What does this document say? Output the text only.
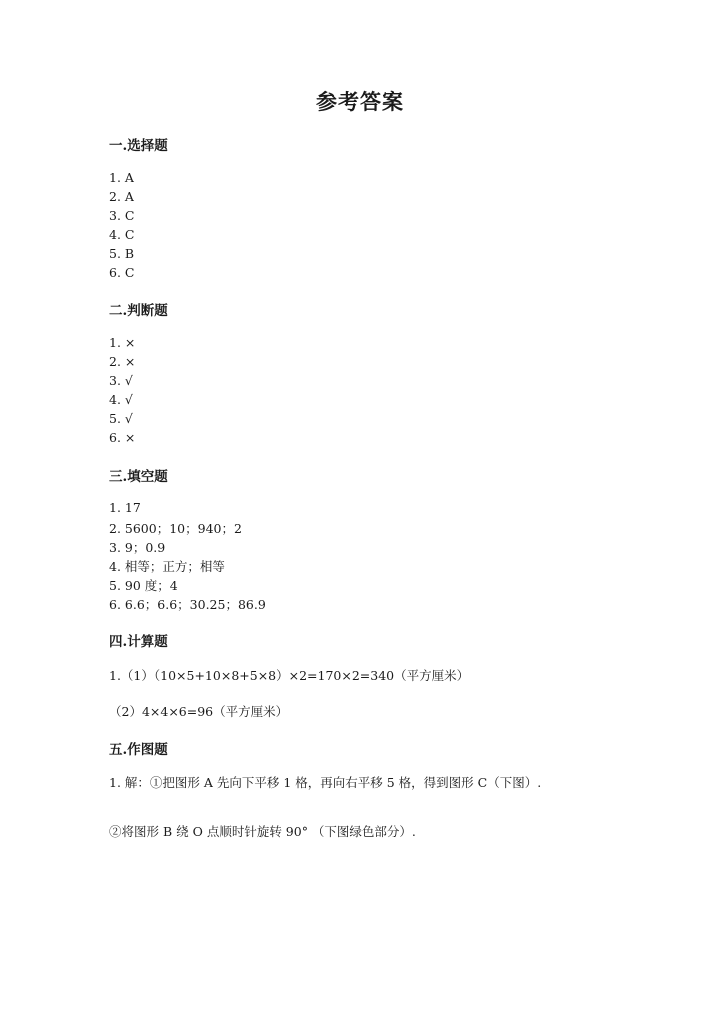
参考答案
一.选择题
1. A
2. A
3. C
4. C
5. B
6. C
二.判断题
1. ×
2. ×
3. √
4. √
5. √
6. ×
三.填空题
1. 17
2. 5600；10；940；2
3. 9；0.9
4. 相等；正方；相等
5. 90 度；4
6. 6.6；6.6；30.25；86.9
四.计算题
1.（1）（10×5+10×8+5×8）×2=170×2=340（平方厘米）
（2）4×4×6=96（平方厘米）
五.作图题
1. 解：①把图形 A 先向下平移 1 格，再向右平移 5 格，得到图形 C（下图）.
②将图形 B 绕 O 点顺时针旋转 90° （下图绿色部分）.
